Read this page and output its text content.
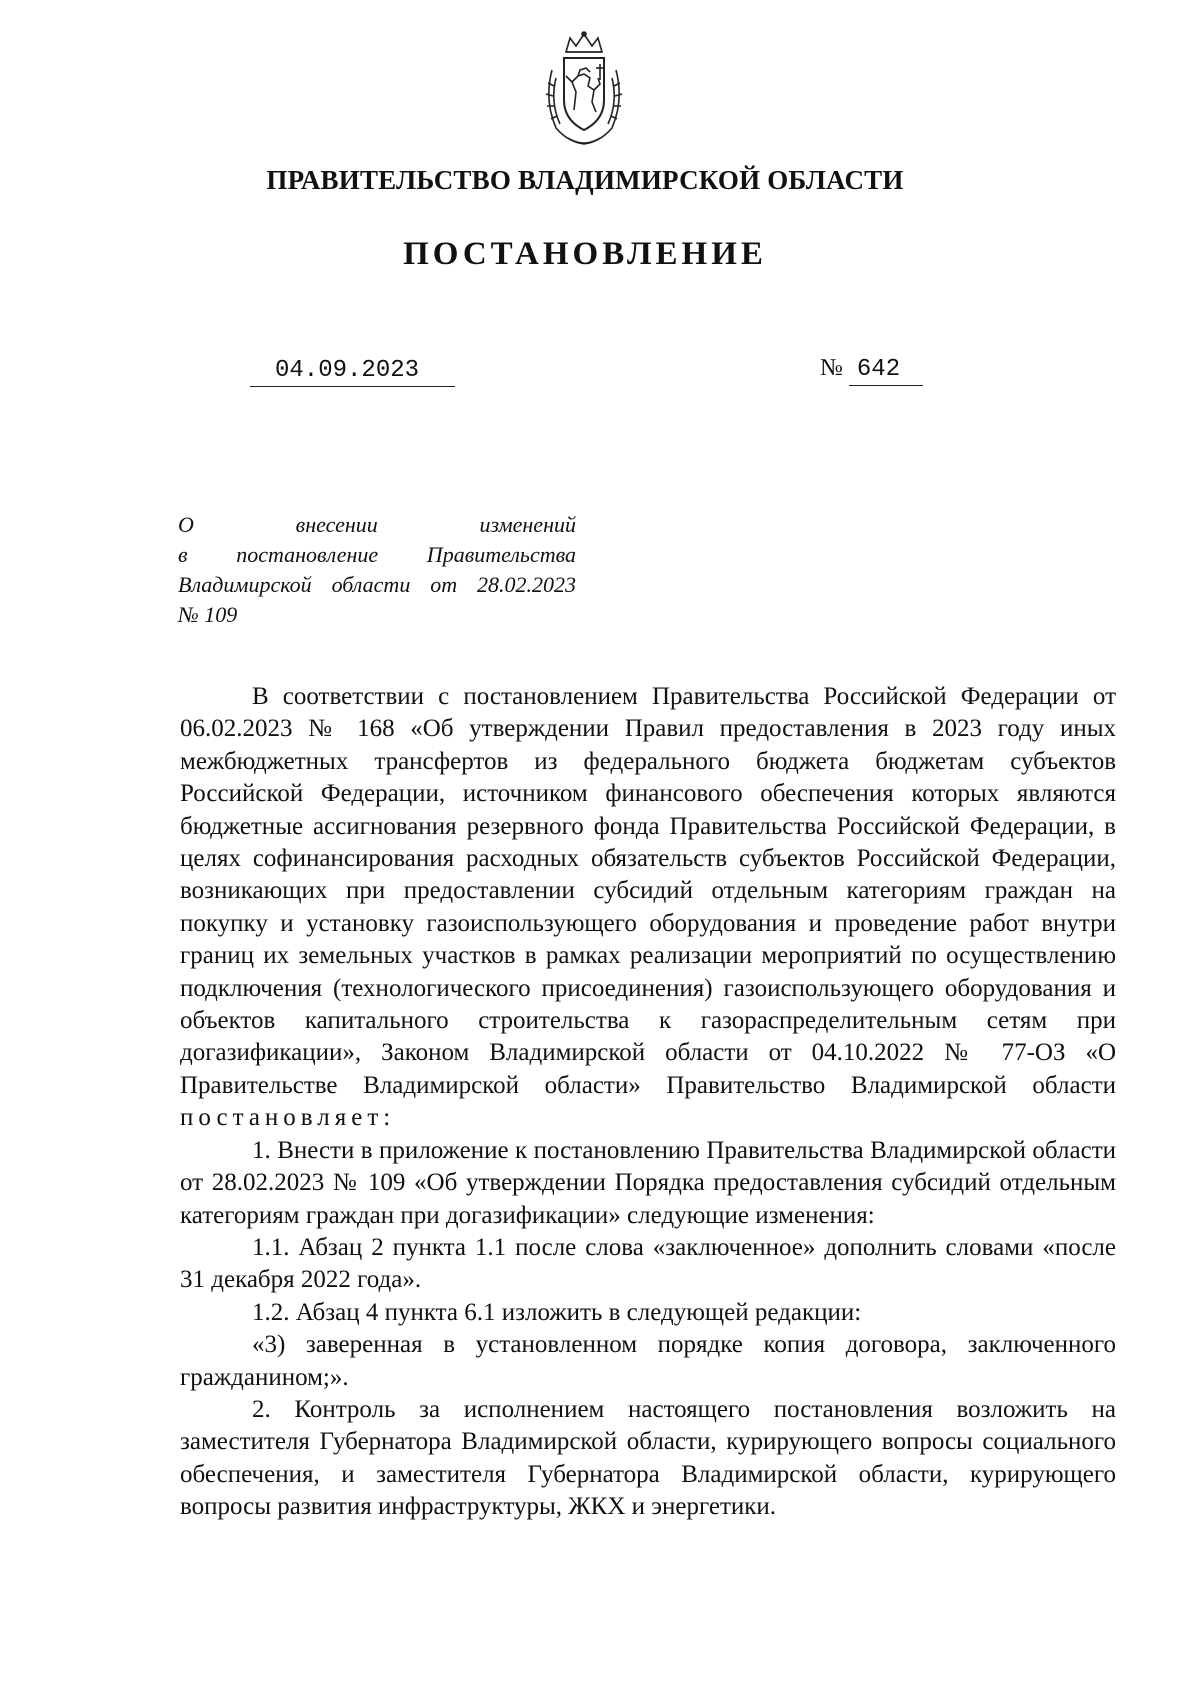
ПРАВИТЕЛЬСТВО ВЛАДИМИРСКОЙ ОБЛАСТИ
ПОСТАНОВЛЕНИЕ
04.09.2023	№ 642
О внесении изменений
в постановление Правительства
Владимирской области от 28.02.2023
№ 109

В соответствии с постановлением Правительства Российской Федерации от 06.02.2023 № 168 «Об утверждении Правил предоставления в 2023 году иных межбюджетных трансфертов из федерального бюджета бюджетам субъектов Российской Федерации, источником финансового обеспечения которых являются бюджетные ассигнования резервного фонда Правительства Российской Федерации, в целях софинансирования расходных обязательств субъектов Российской Федерации, возникающих при предоставлении субсидий отдельным категориям граждан на покупку и установку газоиспользующего оборудования и проведение работ внутри границ их земельных участков в рамках реализации мероприятий по осуществлению подключения (технологического присоединения) газоиспользующего оборудования и объектов капитального строительства к газораспределительным сетям при догазификации», Законом Владимирской области от 04.10.2022 № 77-ОЗ «О Правительстве Владимирской области» Правительство Владимирской области постановляет:

1. Внести в приложение к постановлению Правительства Владимирской области от 28.02.2023 № 109 «Об утверждении Порядка предоставления субсидий отдельным категориям граждан при догазификации» следующие изменения:

1.1. Абзац 2 пункта 1.1 после слова «заключенное» дополнить словами «после 31 декабря 2022 года».

1.2. Абзац 4 пункта 6.1 изложить в следующей редакции:

«3) заверенная в установленном порядке копия договора, заключенного гражданином;».

2. Контроль за исполнением настоящего постановления возложить на заместителя Губернатора Владимирской области, курирующего вопросы социального обеспечения, и заместителя Губернатора Владимирской области, курирующего вопросы развития инфраструктуры, ЖКХ и энергетики.
